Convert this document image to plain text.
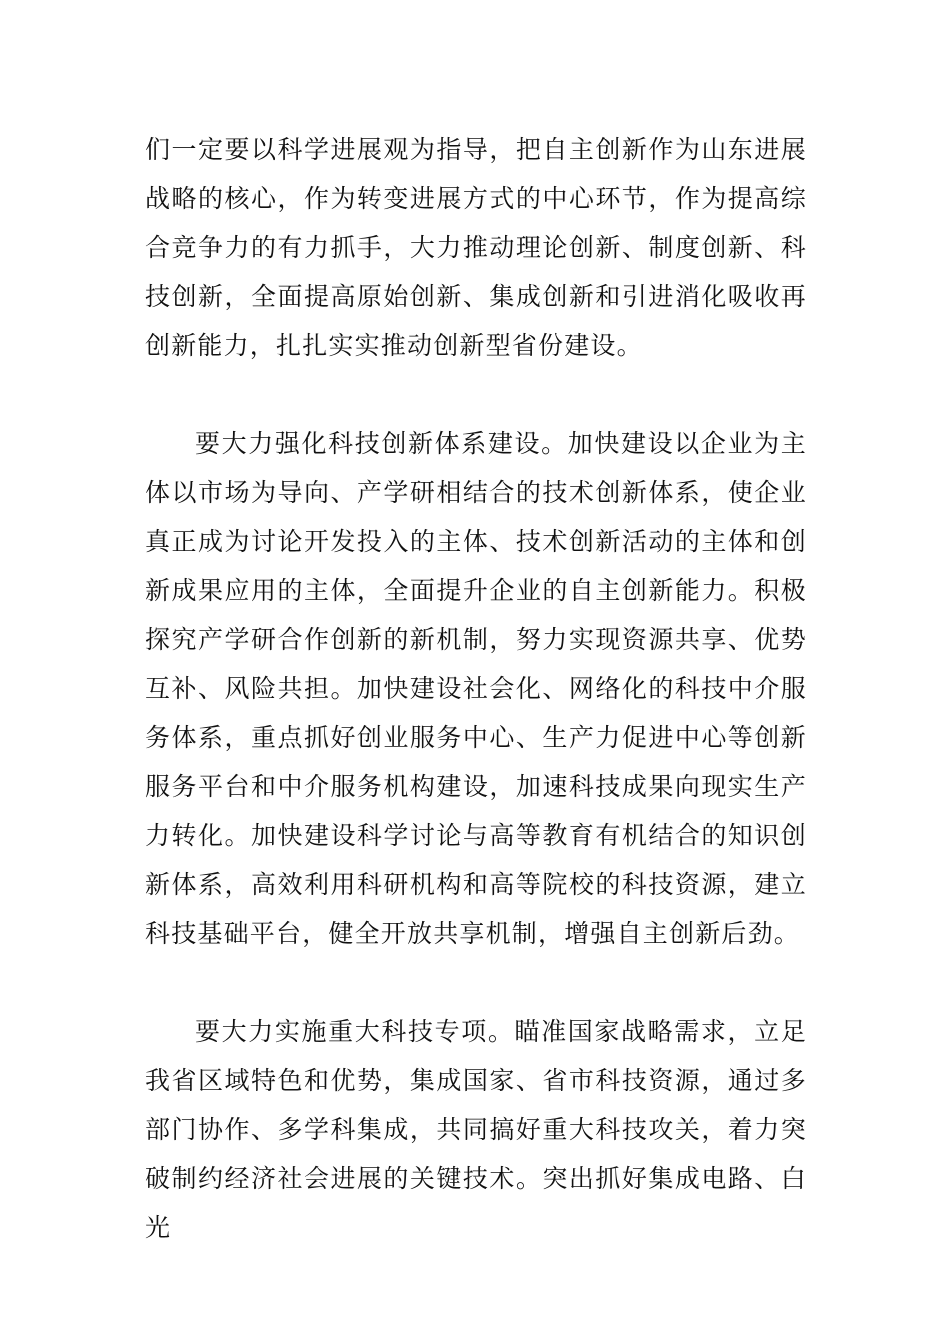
们一定要以科学进展观为指导，把自主创新作为山东进展战略的核心，作为转变进展方式的中心环节，作为提高综合竞争力的有力抓手，大力推动理论创新、制度创新、科技创新，全面提高原始创新、集成创新和引进消化吸收再创新能力，扎扎实实推动创新型省份建设。

要大力强化科技创新体系建设。加快建设以企业为主体以市场为导向、产学研相结合的技术创新体系，使企业真正成为讨论开发投入的主体、技术创新活动的主体和创新成果应用的主体，全面提升企业的自主创新能力。积极探究产学研合作创新的新机制，努力实现资源共享、优势互补、风险共担。加快建设社会化、网络化的科技中介服务体系，重点抓好创业服务中心、生产力促进中心等创新服务平台和中介服务机构建设，加速科技成果向现实生产力转化。加快建设科学讨论与高等教育有机结合的知识创新体系，高效利用科研机构和高等院校的科技资源，建立科技基础平台，健全开放共享机制，增强自主创新后劲。

要大力实施重大科技专项。瞄准国家战略需求，立足我省区域特色和优势，集成国家、省市科技资源，通过多部门协作、多学科集成，共同搞好重大科技攻关，着力突破制约经济社会进展的关键技术。突出抓好集成电路、白光
